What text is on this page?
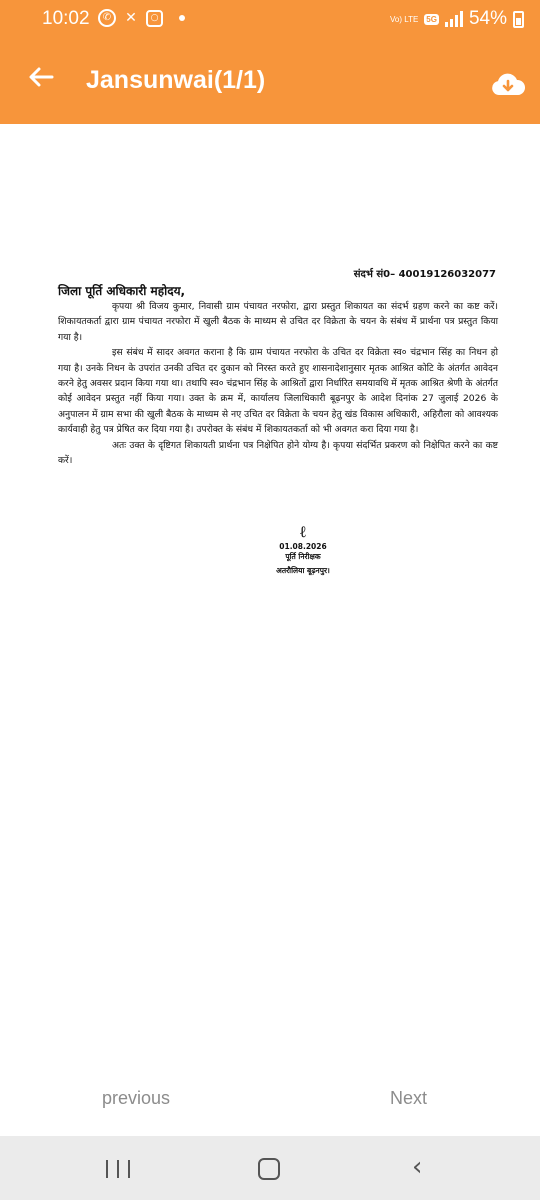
10:02	✆ ✕	○	Vo) LTE 5G 54%
Jansunwai(1/1)
संदर्भ सं0– 40019126032077
जिला पूर्ति अधिकारी महोदय,

कृपया श्री विजय कुमार, निवासी ग्राम पंचायत नरफोरा, द्वारा प्रस्तुत शिकायत का संदर्भ ग्रहण करने का कष्ट करें। शिकायतकर्ता द्वारा ग्राम पंचायत नरफोरा में खुली बैठक के माध्यम से उचित दर विक्रेता के चयन के संबंध में प्रार्थना पत्र प्रस्तुत किया गया है।

इस संबंध में सादर अवगत कराना है कि ग्राम पंचायत नरफोरा के उचित दर विक्रेता स्व० चंद्रभान सिंह का निधन हो गया है। उनके निधन के उपरांत उनकी उचित दर दुकान को निरस्त करते हुए शासनादेशानुसार मृतक आश्रित कोटि के अंतर्गत आवेदन करने हेतु अवसर प्रदान किया गया था। तथापि स्व० चंद्रभान सिंह के आश्रितों द्वारा निर्धारित समयावधि में मृतक आश्रित श्रेणी के अंतर्गत कोई आवेदन प्रस्तुत नहीं किया गया। उक्त के क्रम में, कार्यालय जिलाधिकारी बूढ़नपुर के आदेश दिनांक 27 जुलाई 2026 के अनुपालन में ग्राम सभा की खुली बैठक के माध्यम से नए उचित दर विक्रेता के चयन हेतु खंड विकास अधिकारी, अहिरौला को आवश्यक कार्यवाही हेतु पत्र प्रेषित कर दिया गया है। उपरोक्त के संबंध में शिकायतकर्ता को भी अवगत करा दिया गया है।

अतः उक्त के दृष्टिगत शिकायती प्रार्थना पत्र निक्षेपित होने योग्य है। कृपया संदर्भित प्रकरण को निक्षेपित करने का कष्ट करें।

ℓ
01.08.2026
पूर्ति निरीक्षक
अतरौलिया बूढ़नपुर।
previous	Next
‹
